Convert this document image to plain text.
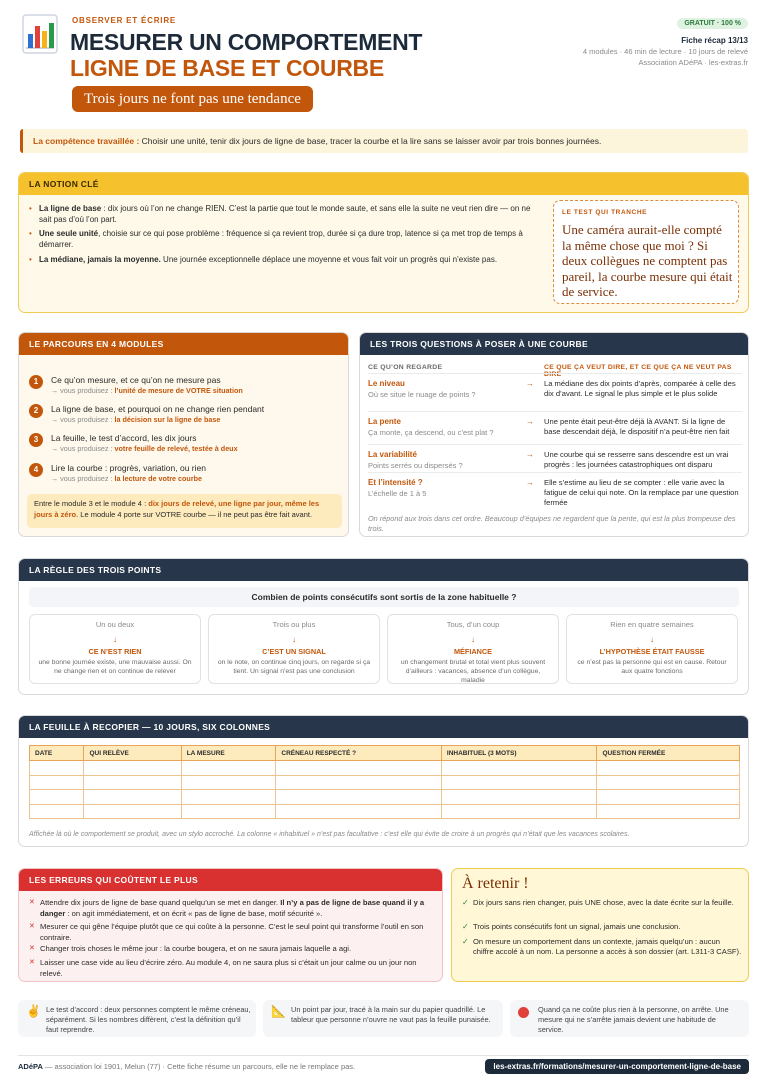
OBSERVER ET ÉCRIRE
MESURER UN COMPORTEMENT
LIGNE DE BASE ET COURBE
Trois jours ne font pas une tendance
GRATUIT · 100 %
Fiche récap 13/13
4 modules · 46 min de lecture · 10 jours de relevé
Association ADéPA · les-extras.fr
La compétence travaillée : Choisir une unité, tenir dix jours de ligne de base, tracer la courbe et la lire sans se laisser avoir par trois bonnes journées.
LA NOTION CLÉ
• La ligne de base : dix jours où l’on ne change RIEN. C’est la partie que tout le monde saute, et sans elle la suite ne veut rien dire — on ne sait pas d’où l’on part.
• Une seule unité, choisie sur ce qui pose problème : fréquence si ça revient trop, durée si ça dure trop, latence si ça met trop de temps à démarrer.
• La médiane, jamais la moyenne. Une journée exceptionnelle déplace une moyenne et vous fait voir un progrès qui n’existe pas.
LE TEST QUI TRANCHE
Une caméra aurait-elle compté la même chose que moi ? Si deux collègues ne comptent pas pareil, la courbe mesure qui était de service.
LE PARCOURS EN 4 MODULES
1	Ce qu’on mesure, et ce qu’on ne mesure pas
→ vous produisez : l’unité de mesure de VOTRE situation
2	La ligne de base, et pourquoi on ne change rien pendant
→ vous produisez : la décision sur la ligne de base
3	La feuille, le test d’accord, les dix jours
→ vous produisez : votre feuille de relevé, testée à deux
4	Lire la courbe : progrès, variation, ou rien
→ vous produisez : la lecture de votre courbe
Entre le module 3 et le module 4 : dix jours de relevé, une ligne par jour, même les jours à zéro. Le module 4 porte sur VOTRE courbe — il ne peut pas être fait avant.
LES TROIS QUESTIONS À POSER À UNE COURBE
CE QU’ON REGARDE	CE QUE ÇA VEUT DIRE, ET CE QUE ÇA NE VEUT PAS DIRE
Le niveau
Où se situe le nuage de points ?
→ La médiane des dix points d’après, comparée à celle des dix d’avant. Le signal le plus simple et le plus solide
La pente
Ça monte, ça descend, ou c’est plat ?
→ Une pente était peut-être déjà là AVANT. Si la ligne de base descendait déjà, le dispositif n’a peut-être rien fait
La variabilité
Points serrés ou dispersés ?
→ Une courbe qui se resserre sans descendre est un vrai progrès : les journées catastrophiques ont disparu
Et l’intensité ?
L’échelle de 1 à 5
→ Elle s’estime au lieu de se compter : elle varie avec la fatigue de celui qui note. On la remplace par une question fermée
On répond aux trois dans cet ordre. Beaucoup d’équipes ne regardent que la pente, qui est la plus trompeuse des trois.
LA RÈGLE DES TROIS POINTS
Combien de points consécutifs sont sortis de la zone habituelle ?
Un ou deux
↓
CE N’EST RIEN
une bonne journée existe, une mauvaise aussi. On ne change rien et on continue de relever
Trois ou plus
↓
C’EST UN SIGNAL
on le note, on continue cinq jours, on regarde si ça tient. Un signal n’est pas une conclusion
Tous, d’un coup
↓
MÉFIANCE
un changement brutal et total vient plus souvent d’ailleurs : vacances, absence d’un collègue, maladie
Rien en quatre semaines
↓
L’HYPOTHÈSE ÉTAIT FAUSSE
ce n’est pas la personne qui est en cause. Retour aux quatre fonctions
LA FEUILLE À RECOPIER — 10 JOURS, SIX COLONNES
DATE	QUI RELÈVE	LA MESURE	CRÉNEAU RESPECTÉ ?	INHABITUEL (3 MOTS)	QUESTION FERMÉE

Affichée là où le comportement se produit, avec un stylo accroché. La colonne « inhabituel » n’est pas facultative : c’est elle qui évite de croire à un progrès qui n’était que les vacances scolaires.
LES ERREURS QUI COÛTENT LE PLUS
✕ Attendre dix jours de ligne de base quand quelqu’un se met en danger. Il n’y a pas de ligne de base quand il y a danger : on agit immédiatement, et on écrit « pas de ligne de base, motif sécurité ».
✕ Mesurer ce qui gêne l’équipe plutôt que ce qui coûte à la personne. C’est le seul point qui transforme l’outil en son contraire.
✕ Changer trois choses le même jour : la courbe bougera, et on ne saura jamais laquelle a agi.
✕ Laisser une case vide au lieu d’écrire zéro. Au module 4, on ne saura plus si c’était un jour calme ou un jour non relevé.
À retenir !
✓ Dix jours sans rien changer, puis UNE chose, avec la date écrite sur la feuille.
✓ Trois points consécutifs font un signal, jamais une conclusion.
✓ On mesure un comportement dans un contexte, jamais quelqu’un : aucun chiffre accolé à un nom. La personne a accès à son dossier (art. L311-3 CASF).
✌ Le test d’accord : deux personnes comptent le même créneau, séparément. Si les nombres diffèrent, c’est la définition qu’il faut reprendre.
📐 Un point par jour, tracé à la main sur du papier quadrillé. Le tableur que personne n’ouvre ne vaut pas la feuille punaisée.
Quand ça ne coûte plus rien à la personne, on arrête. Une mesure qui ne s’arrête jamais devient une habitude de service.
ADéPA — association loi 1901, Melun (77) · Cette fiche résume un parcours, elle ne le remplace pas.	les-extras.fr/formations/mesurer-un-comportement-ligne-de-base
